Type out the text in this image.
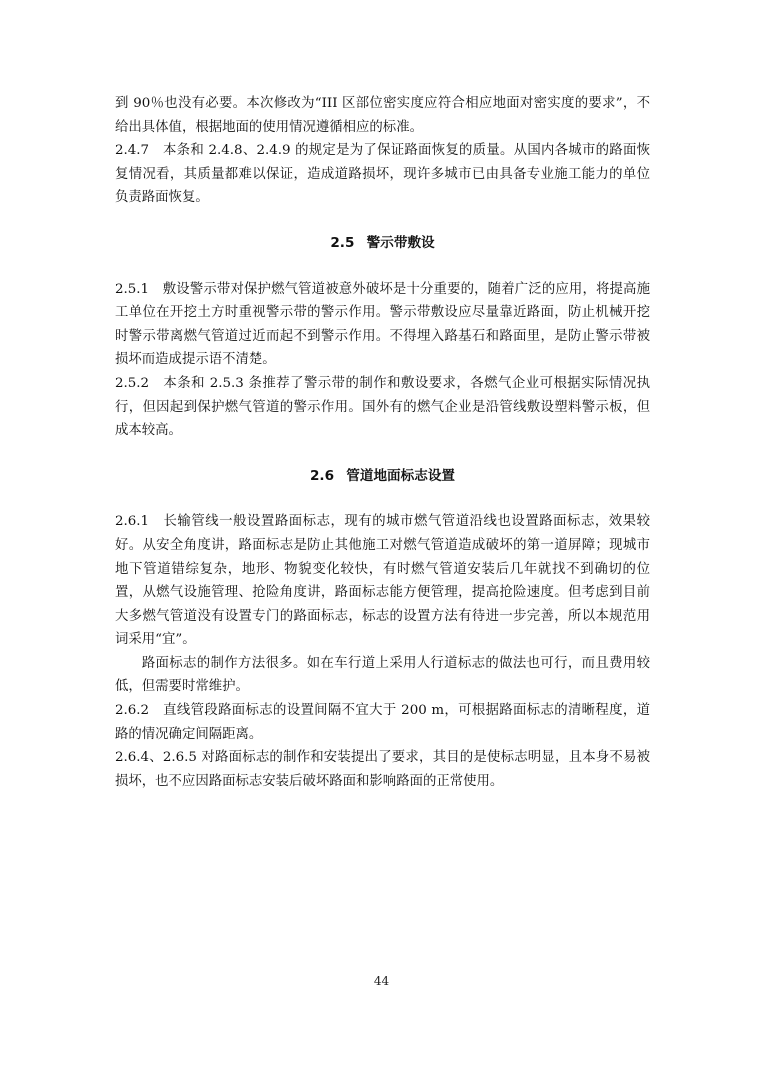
到 90％也没有必要。本次修改为“III 区部位密实度应符合相应地面对密实度的要求”，不给出具体值，根据地面的使用情况遵循相应的标准。

2.4.7　本条和 2.4.8、2.4.9 的规定是为了保证路面恢复的质量。从国内各城市的路面恢复情况看，其质量都难以保证，造成道路损坏，现许多城市已由具备专业施工能力的单位负责路面恢复。

2.5 警示带敷设

2.5.1　敷设警示带对保护燃气管道被意外破坏是十分重要的，随着广泛的应用，将提高施工单位在开挖土方时重视警示带的警示作用。警示带敷设应尽量靠近路面，防止机械开挖时警示带离燃气管道过近而起不到警示作用。不得埋入路基石和路面里，是防止警示带被损坏而造成提示语不清楚。

2.5.2　本条和 2.5.3 条推荐了警示带的制作和敷设要求，各燃气企业可根据实际情况执行，但因起到保护燃气管道的警示作用。国外有的燃气企业是沿管线敷设塑料警示板，但成本较高。

2.6 管道地面标志设置

2.6.1　长输管线一般设置路面标志，现有的城市燃气管道沿线也设置路面标志，效果较好。从安全角度讲，路面标志是防止其他施工对燃气管道造成破坏的第一道屏障；现城市地下管道错综复杂，地形、物貌变化较快，有时燃气管道安装后几年就找不到确切的位置，从燃气设施管理、抢险角度讲，路面标志能方便管理，提高抢险速度。但考虑到目前大多燃气管道没有设置专门的路面标志，标志的设置方法有待进一步完善，所以本规范用词采用“宜”。

路面标志的制作方法很多。如在车行道上采用人行道标志的做法也可行，而且费用较低，但需要时常维护。

2.6.2　直线管段路面标志的设置间隔不宜大于 200 m，可根据路面标志的清晰程度，道路的情况确定间隔距离。

2.6.4、2.6.5 对路面标志的制作和安装提出了要求，其目的是使标志明显，且本身不易被损坏，也不应因路面标志安装后破坏路面和影响路面的正常使用。

44
